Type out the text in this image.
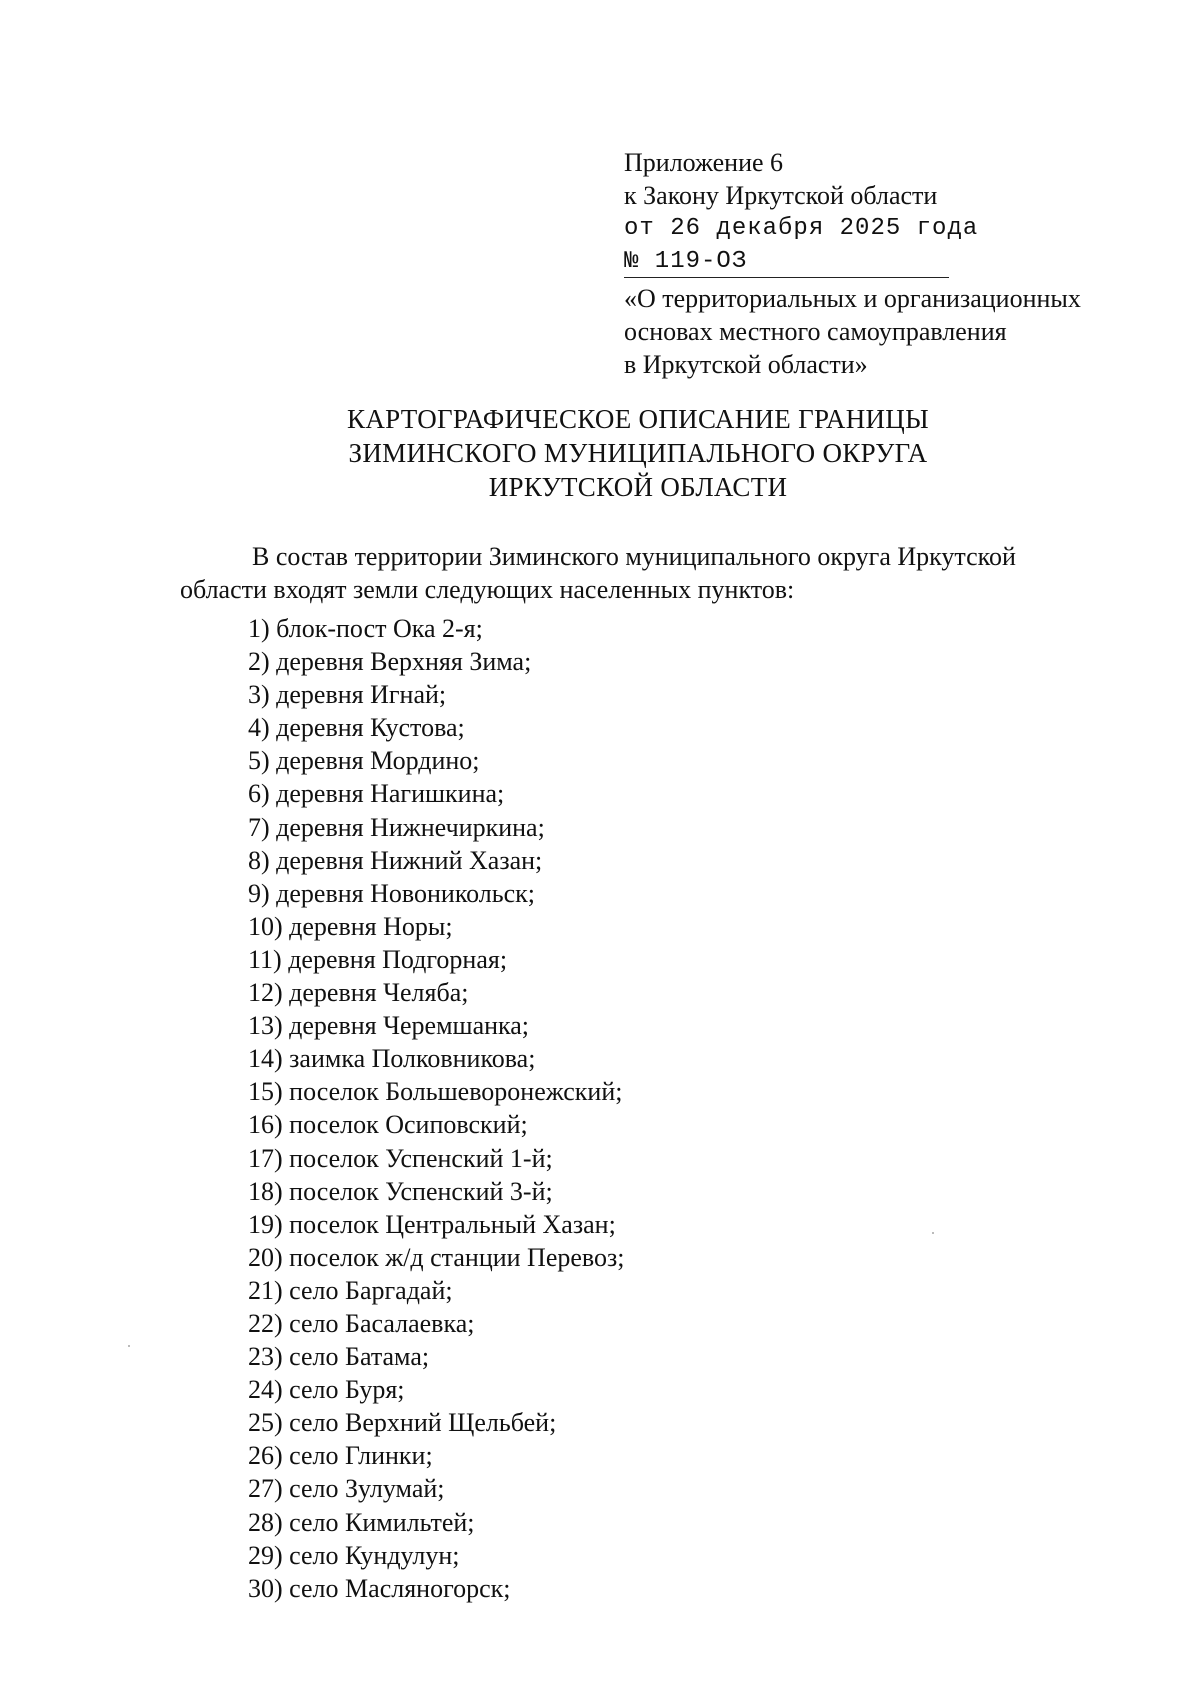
Приложение 6
к Закону Иркутской области
от 26 декабря 2025 года
№ 119-ОЗ
«О территориальных и организационных
основах местного самоуправления
в Иркутской области»
КАРТОГРАФИЧЕСКОЕ ОПИСАНИЕ ГРАНИЦЫ
ЗИМИНСКОГО МУНИЦИПАЛЬНОГО ОКРУГА
ИРКУТСКОЙ ОБЛАСТИ
В состав территории Зиминского муниципального округа Иркутской
области входят земли следующих населенных пунктов:
1) блок-пост Ока 2-я;
2) деревня Верхняя Зима;
3) деревня Игнай;
4) деревня Кустова;
5) деревня Мордино;
6) деревня Нагишкина;
7) деревня Нижнечиркина;
8) деревня Нижний Хазан;
9) деревня Новоникольск;
10) деревня Норы;
11) деревня Подгорная;
12) деревня Челяба;
13) деревня Черемшанка;
14) заимка Полковникова;
15) поселок Большеворонежский;
16) поселок Осиповский;
17) поселок Успенский 1-й;
18) поселок Успенский 3-й;
19) поселок Центральный Хазан;
20) поселок ж/д станции Перевоз;
21) село Баргадай;
22) село Басалаевка;
23) село Батама;
24) село Буря;
25) село Верхний Щельбей;
26) село Глинки;
27) село Зулумай;
28) село Кимильтей;
29) село Кундулун;
30) село Масляногорск;
